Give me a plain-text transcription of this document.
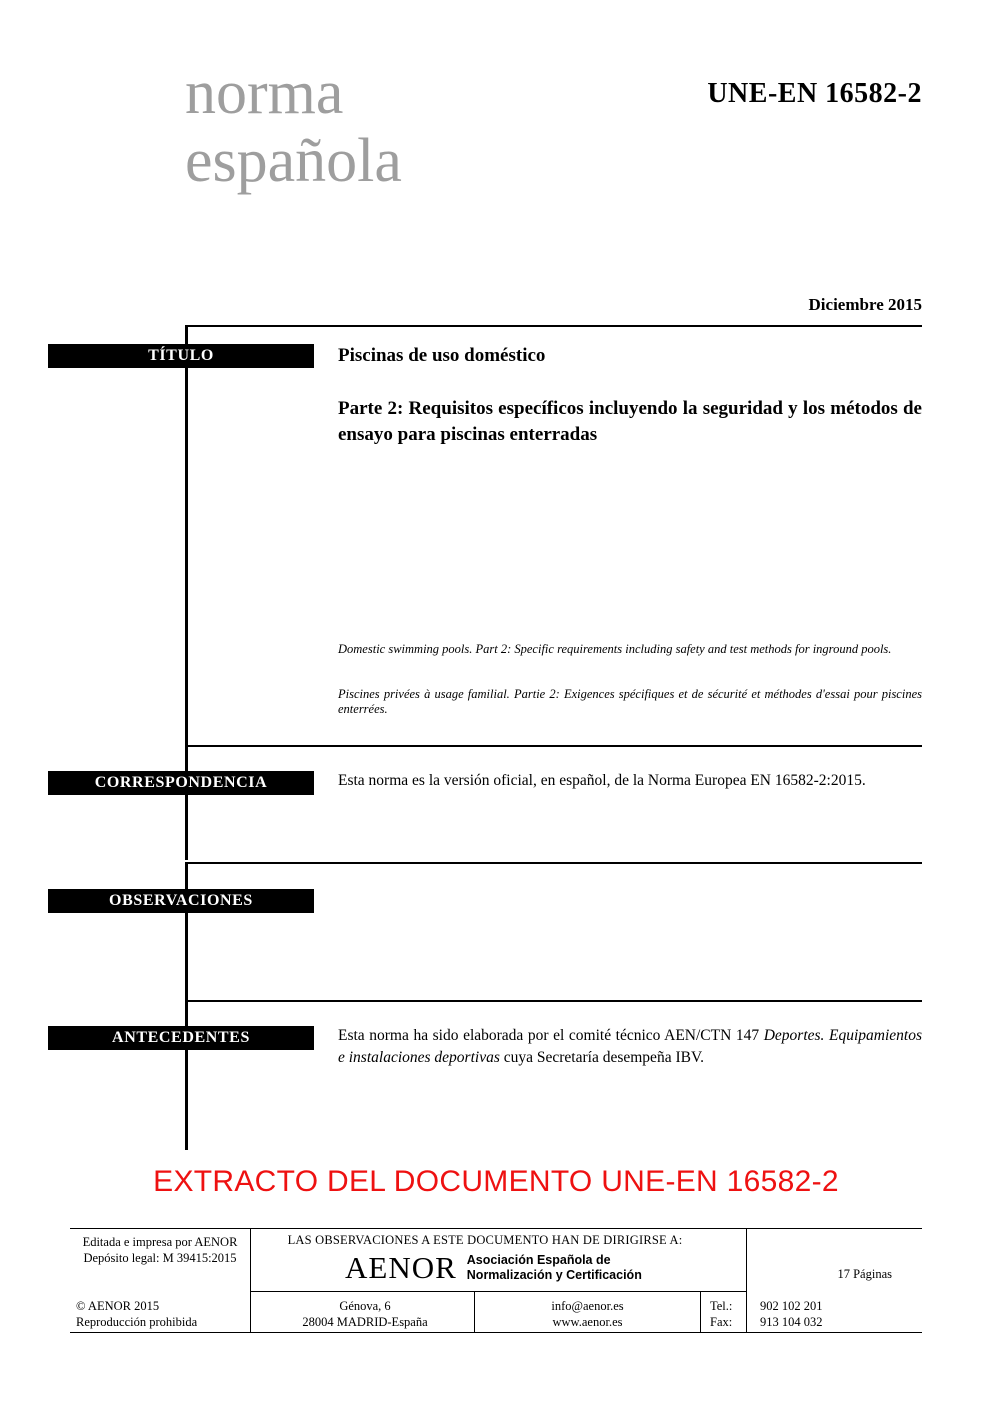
norma
española
UNE-EN 16582-2
Diciembre 2015
TÍTULO	Piscinas de uso doméstico
Parte 2: Requisitos específicos incluyendo la seguridad y los métodos de ensayo para piscinas enterradas
Domestic swimming pools. Part 2: Specific requirements including safety and test methods for inground pools.
Piscines privées à usage familial. Partie 2: Exigences spécifiques et de sécurité et méthodes d'essai pour piscines enterrées.
CORRESPONDENCIA	Esta norma es la versión oficial, en español, de la Norma Europea EN 16582-2:2015.
OBSERVACIONES
ANTECEDENTES	Esta norma ha sido elaborada por el comité técnico AEN/CTN 147 Deportes. Equipamientos e instalaciones deportivas cuya Secretaría desempeña IBV.
EXTRACTO DEL DOCUMENTO UNE-EN 16582-2
Editada e impresa por AENOR
Depósito legal: M 39415:2015
© AENOR 2015
Reproducción prohibida
LAS OBSERVACIONES A ESTE DOCUMENTO HAN DE DIRIGIRSE A:
AENOR Asociación Española de
Normalización y Certificación
Génova, 6
28004 MADRID-España
info@aenor.es
www.aenor.es
Tel.: 902 102 201
Fax: 913 104 032
17 Páginas
